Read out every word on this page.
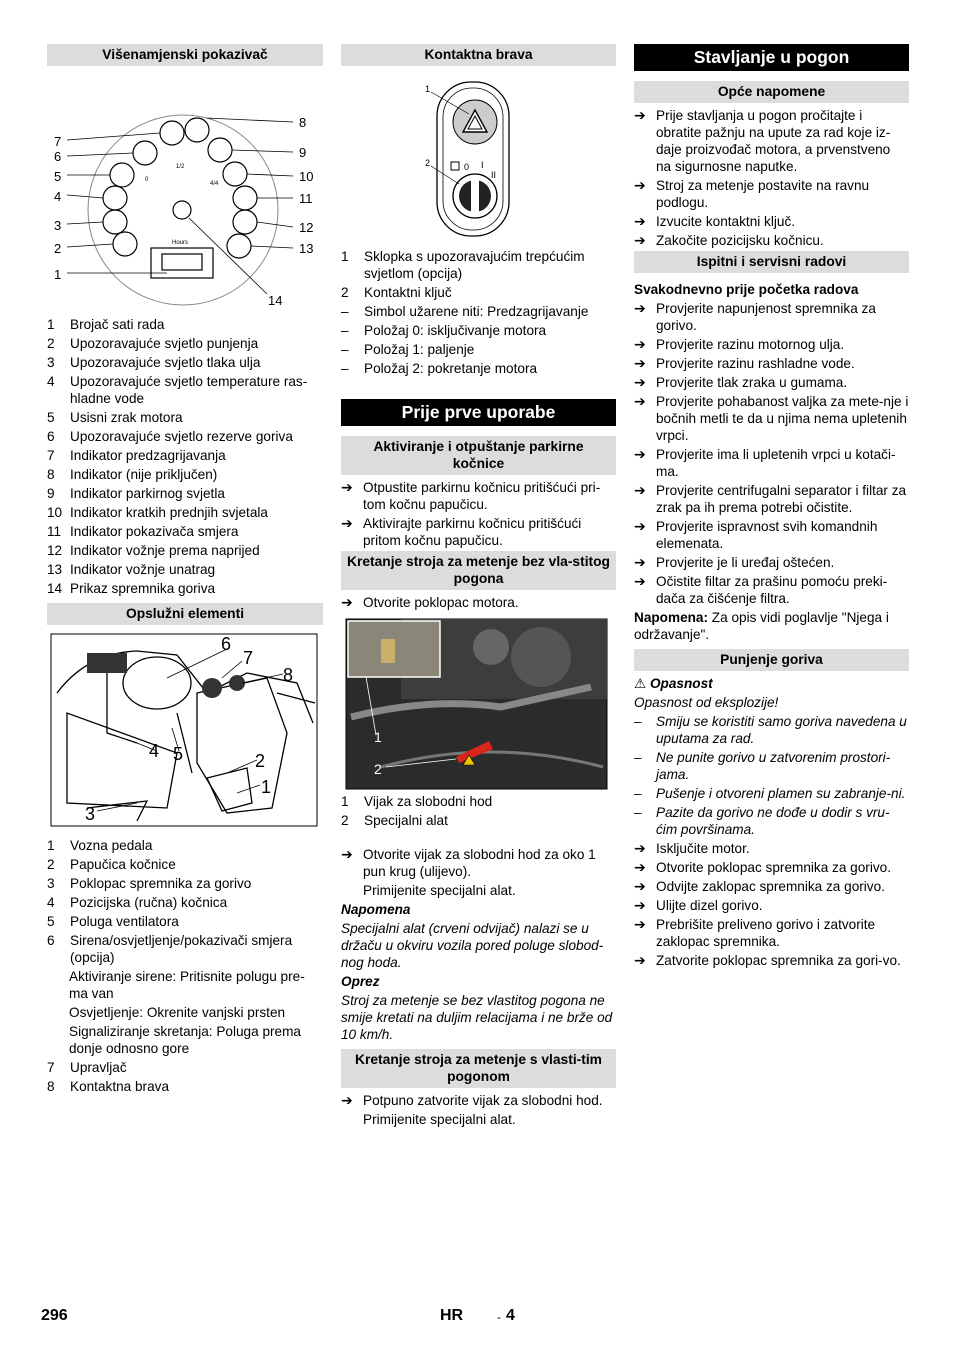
Višenamjenski pokazivač
1/2
0
4/4
Hours
1
2
3
4
5
6
7
8
9
10
11
12
13
14
1	Brojač sati rada
2	Upozoravajuće svjetlo punjenja
3	Upozoravajuće svjetlo tlaka ulja
4	Upozoravajuće svjetlo temperature ras-hladne vode
5	Usisni zrak motora
6	Upozoravajuće svjetlo rezerve goriva
7	Indikator predzagrijavanja
8	Indikator (nije priključen)
9	Indikator parkirnog svjetla
10 Indikator kratkih prednjih svjetala
11 Indikator pokazivača smjera
12 Indikator vožnje prema naprijed
13 Indikator vožnje unatrag
14 Prikaz spremnika goriva
Opslužni elementi
1
2
3
4 5
6
7
8
1	Vozna pedala
2	Papučica kočnice
3	Poklopac spremnika za gorivo
4	Pozicijska (ručna) kočnica
5	Poluga ventilatora
6	Sirena/osvjetljenje/pokazivači smjera (opcija)
Aktiviranje sirene: Pritisnite polugu pre-ma van
Osvjetljenje: Okrenite vanjski prsten
Signaliziranje skretanja: Poluga prema donje odnosno gore
7	Upravljač
8	Kontaktna brava
Kontaktna brava
0 I
II
1
2
1	Sklopka s upozoravajućim trepćućim svjetlom (opcija)
2	Kontaktni ključ
–	Simbol užarene niti: Predzagrijavanje
–	Položaj 0: isključivanje motora
–	Položaj 1: paljenje
–	Položaj 2: pokretanje motora
Prije prve uporabe
Aktiviranje i otpuštanje parkirne kočnice
➔ Otpustite parkirnu kočnicu pritišćući pri-tom kočnu papučicu.
➔ Aktivirajte parkirnu kočnicu pritišćući pritom kočnu papučicu.
Kretanje stroja za metenje bez vla-stitog pogona
➔ Otvorite poklopac motora.
1
2
1	Vijak za slobodni hod
2	Specijalni alat
➔ Otvorite vijak za slobodni hod za oko 1 pun krug (ulijevo).
Primijenite specijalni alat.
Napomena
Specijalni alat (crveni odvijač) nalazi se u držaču u okviru vozila pored poluge slobod-nog hoda.
Oprez
Stroj za metenje se bez vlastitog pogona ne smije kretati na duljim relacijama i ne brže od 10 km/h.
Kretanje stroja za metenje s vlasti-tim pogonom
➔ Potpuno zatvorite vijak za slobodni hod.
Primijenite specijalni alat.
Stavljanje u pogon
Opće napomene
➔ Prije stavljanja u pogon pročitajte i obratite pažnju na upute za rad koje iz-daje proizvođač motora, a prvenstveno na sigurnosne naputke.
➔ Stroj za metenje postavite na ravnu podlogu.
➔ Izvucite kontaktni ključ.
➔ Zakočite pozicijsku kočnicu.
Ispitni i servisni radovi
Svakodnevno prije početka radova
➔ Provjerite napunjenost spremnika za gorivo.
➔ Provjerite razinu motornog ulja.
➔ Provjerite razinu rashladne vode.
➔ Provjerite tlak zraka u gumama.
➔ Provjerite pohabanost valjka za mete-nje i bočnih metli te da u njima nema upletenih vrpci.
➔ Provjerite ima li upletenih vrpci u kotači-ma.
➔ Provjerite centrifugalni separator i filtar za zrak pa ih prema potrebi očistite.
➔ Provjerite ispravnost svih komandnih elemenata.
➔ Provjerite je li uređaj oštećen.
➔ Očistite filtar za prašinu pomoću preki-dača za čišćenje filtra.
Napomena: Za opis vidi poglavlje "Njega i održavanje".
Punjenje goriva
⚠ Opasnost
Opasnost od eksplozije!
–	Smiju se koristiti samo goriva navedena u uputama za rad.
–	Ne punite gorivo u zatvorenim prostori-jama.
–	Pušenje i otvoreni plamen su zabranje-ni.
–	Pazite da gorivo ne dođe u dodir s vru-ćim površinama.
➔ Isključite motor.
➔ Otvorite poklopac spremnika za gorivo.
➔ Odvijte zaklopac spremnika za gorivo.
➔ Ulijte dizel gorivo.
➔ Prebrišite preliveno gorivo i zatvorite zaklopac spremnika.
➔ Zatvorite poklopac spremnika za gori-vo.
296	HR	- 4
